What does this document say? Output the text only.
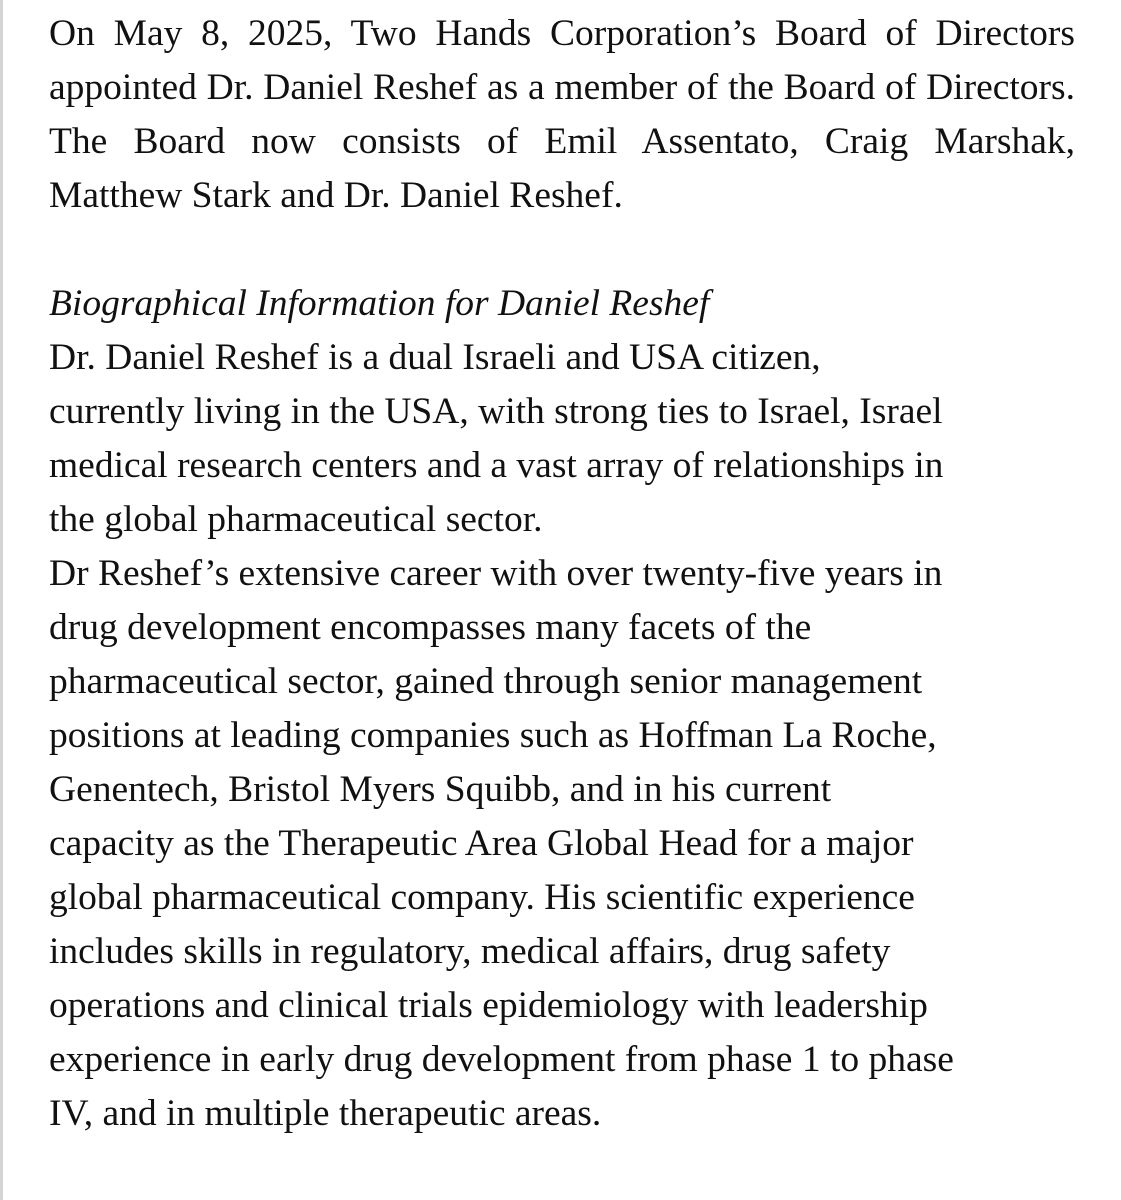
On May 8, 2025, Two Hands Corporation’s Board of Directors appointed Dr. Daniel Reshef as a member of the Board of Directors. The Board now consists of Emil Assentato, Craig Marshak, Matthew Stark and Dr. Daniel Reshef.

Biographical Information for Daniel Reshef

Dr. Daniel Reshef is a dual Israeli and USA citizen,
currently living in the USA, with strong ties to Israel, Israel
medical research centers and a vast array of relationships in
the global pharmaceutical sector.
Dr Reshef’s extensive career with over twenty-five years in
drug development encompasses many facets of the
pharmaceutical sector, gained through senior management
positions at leading companies such as Hoffman La Roche,
Genentech, Bristol Myers Squibb, and in his current
capacity as the Therapeutic Area Global Head for a major
global pharmaceutical company. His scientific experience
includes skills in regulatory, medical affairs, drug safety
operations and clinical trials epidemiology with leadership
experience in early drug development from phase 1 to phase
IV, and in multiple therapeutic areas.
